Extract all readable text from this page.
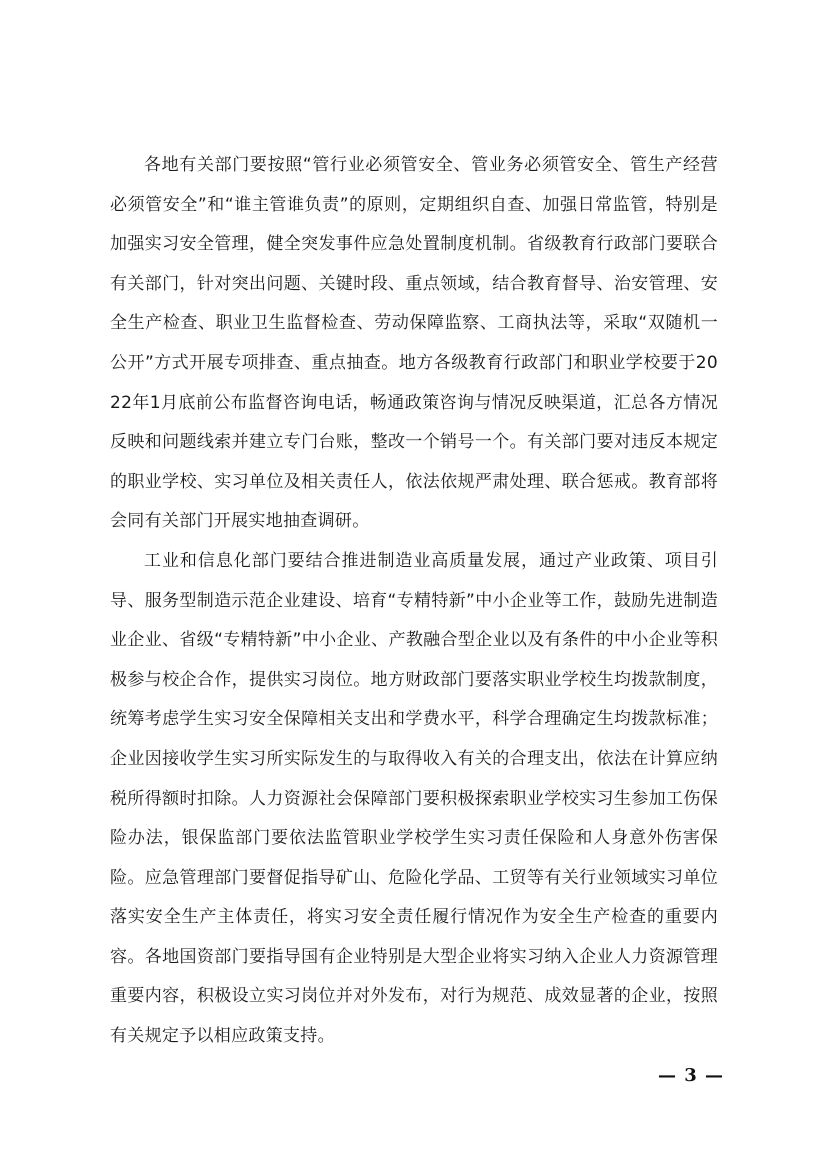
各地有关部门要按照“管行业必须管安全、管业务必须管安全、管生产经营必须管安全”和“谁主管谁负责”的原则，定期组织自查、加强日常监管，特别是加强实习安全管理，健全突发事件应急处置制度机制。省级教育行政部门要联合有关部门，针对突出问题、关键时段、重点领域，结合教育督导、治安管理、安全生产检查、职业卫生监督检查、劳动保障监察、工商执法等，采取“双随机一公开”方式开展专项排查、重点抽查。地方各级教育行政部门和职业学校要于2022年1月底前公布监督咨询电话，畅通政策咨询与情况反映渠道，汇总各方情况反映和问题线索并建立专门台账，整改一个销号一个。有关部门要对违反本规定的职业学校、实习单位及相关责任人，依法依规严肃处理、联合惩戒。教育部将会同有关部门开展实地抽查调研。

工业和信息化部门要结合推进制造业高质量发展，通过产业政策、项目引导、服务型制造示范企业建设、培育“专精特新”中小企业等工作，鼓励先进制造业企业、省级“专精特新”中小企业、产教融合型企业以及有条件的中小企业等积极参与校企合作，提供实习岗位。地方财政部门要落实职业学校生均拨款制度，统筹考虑学生实习安全保障相关支出和学费水平，科学合理确定生均拨款标准；企业因接收学生实习所实际发生的与取得收入有关的合理支出，依法在计算应纳税所得额时扣除。人力资源社会保障部门要积极探索职业学校实习生参加工伤保险办法，银保监部门要依法监管职业学校学生实习责任保险和人身意外伤害保险。应急管理部门要督促指导矿山、危险化学品、工贸等有关行业领域实习单位落实安全生产主体责任，将实习安全责任履行情况作为安全生产检查的重要内容。各地国资部门要指导国有企业特别是大型企业将实习纳入企业人力资源管理重要内容，积极设立实习岗位并对外发布，对行为规范、成效显著的企业，按照有关规定予以相应政策支持。

— 3 —
